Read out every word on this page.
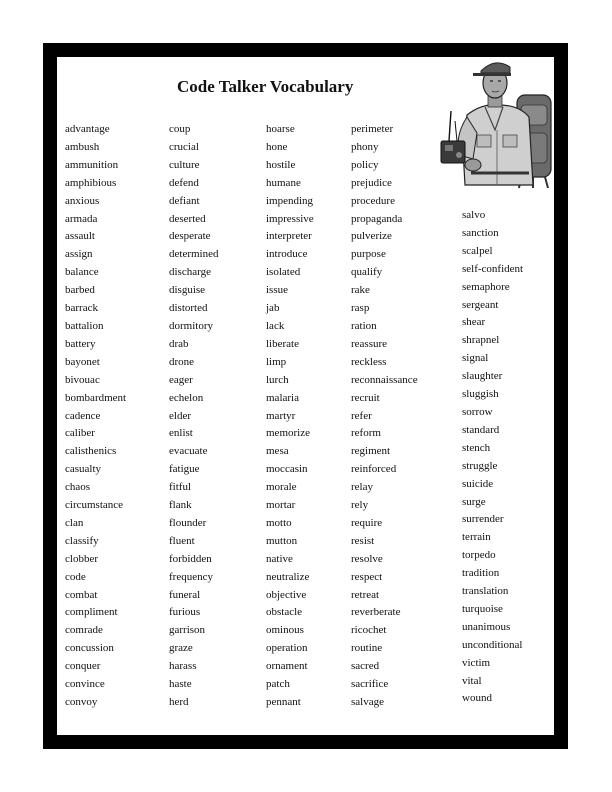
Code Talker Vocabulary
advantage
ambush
ammunition
amphibious
anxious
armada
assault
assign
balance
barbed
barrack
battalion
battery
bayonet
bivouac
bombardment
cadence
caliber
calisthenics
casualty
chaos
circumstance
clan
classify
clobber
code
combat
compliment
comrade
concussion
conquer
convince
convoy
coup
crucial
culture
defend
defiant
deserted
desperate
determined
discharge
disguise
distorted
dormitory
drab
drone
eager
echelon
elder
enlist
evacuate
fatigue
fitful
flank
flounder
fluent
forbidden
frequency
funeral
furious
garrison
graze
harass
haste
herd
hoarse
hone
hostile
humane
impending
impressive
interpreter
introduce
isolated
issue
jab
lack
liberate
limp
lurch
malaria
martyr
memorize
mesa
moccasin
morale
mortar
motto
mutton
native
neutralize
objective
obstacle
ominous
operation
ornament
patch
pennant
perimeter
phony
policy
prejudice
procedure
propaganda
pulverize
purpose
qualify
rake
rasp
ration
reassure
reckless
reconnaissance
recruit
refer
reform
regiment
reinforced
relay
rely
require
resist
resolve
respect
retreat
reverberate
ricochet
routine
sacred
sacrifice
salvage
salvo
sanction
scalpel
self-confident
semaphore
sergeant
shear
shrapnel
signal
slaughter
sluggish
sorrow
standard
stench
struggle
suicide
surge
surrender
terrain
torpedo
tradition
translation
turquoise
unanimous
unconditional
victim
vital
wound
